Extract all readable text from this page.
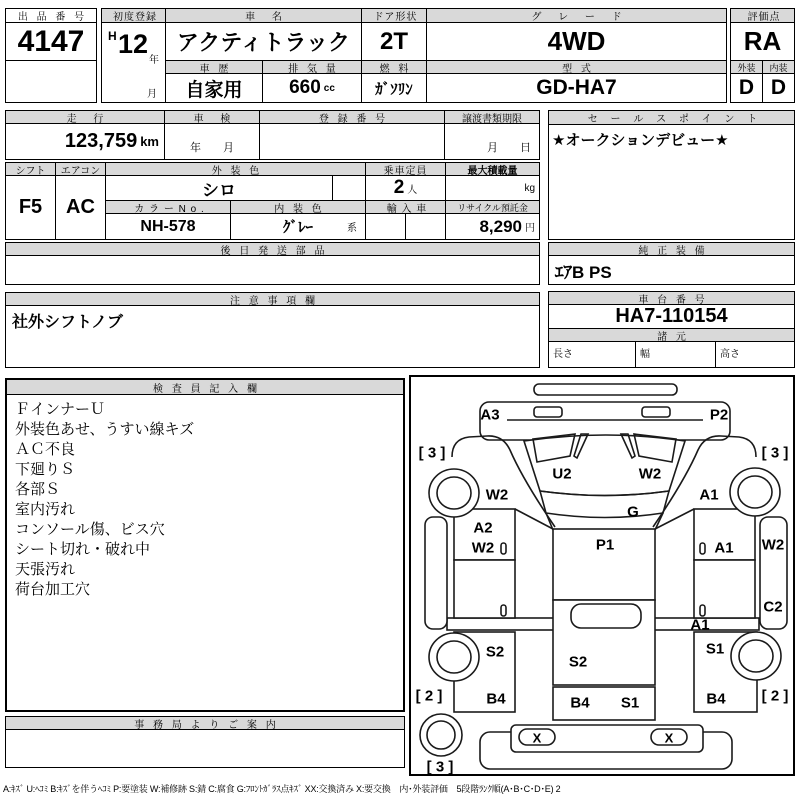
出 品 番 号
4147
初度登録
H 12
年
月
車 名
アクティトラック
ドア形状
2T
グ レ ー ド
4WD
評価点
RA
車 歴
自家用
排 気 量
660 cc
燃 料
ｶﾞｿﾘﾝ
型 式
GD-HA7
外装	内装
D D
走 行
123,759 km
車 検
年　　月
登 録 番 号	譲渡書類期限
月　　日
シフト	エアコン
F5	AC
外 装 色
シロ
乗車定員
2 人
最大積載量
kg
カ ラ ー N o .
NH-578
内 装 色
ｸﾞﾚｰ	系
輸 入 車	リサイクル預託金
8,290 円
後 日 発 送 部 品
注 意 事 項 欄
社外シフトノブ
セ ー ル ス ポ イ ン ト
★オークションデビュー★
純 正 装 備
ｴｱB PS
車 台 番 号
HA7-110154
諸 元
長さ	幅	高さ
検 査 員 記 入 欄
ＦインナーＵ
外装色あせ、うすい線キズ
ＡＣ不良
下廻りＳ
各部Ｓ
室内汚れ
コンソール傷、ビス穴
シート切れ・破れ中
天張汚れ
荷台加工穴
事 務 局 よ り ご 案 内
A3	P2
[ 3 ]	[ 3 ]
U2	W2
W2	A1
G
A2
P1
W2	A1 W2
C2
A1
S2
S2
S1
[ 2 ]	B4	B4 S1	B4 [ 2 ]
X	X
[ 3 ]
A:ｷｽﾞ U:ﾍｺﾐ B:ｷｽﾞを伴うﾍｺﾐ P:要塗装 W:補修跡 S:錆 C:腐食 G:ﾌﾛﾝﾄｶﾞﾗｽ点ｷｽﾞ XX:交換済み X:要交換　内･外装評価　5段階ﾗﾝｸ順(A･B･C･D･E) 2
